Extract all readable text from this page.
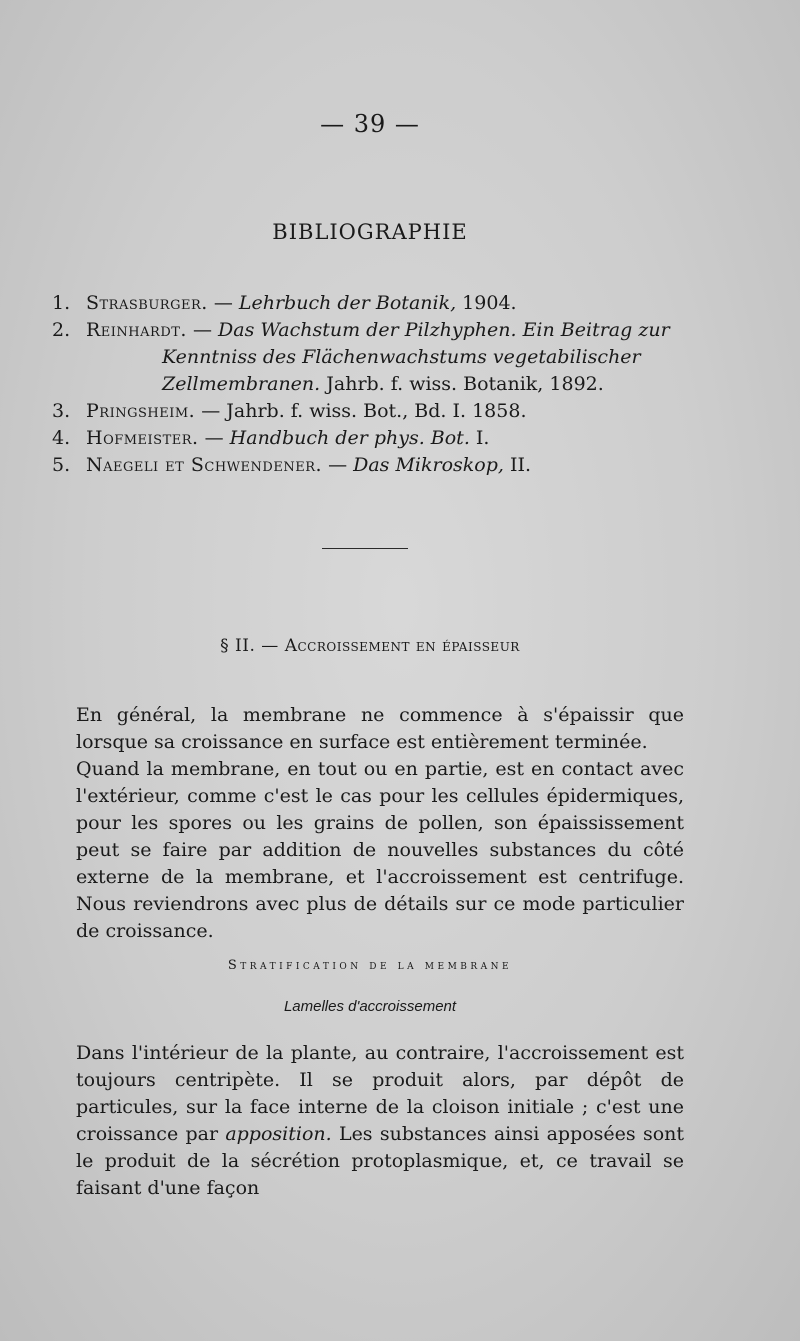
— 39 —
BIBLIOGRAPHIE

1. Strasburger. — Lehrbuch der Botanik, 1904.

2. Reinhardt. — Das Wachstum der Pilzhyphen. Ein Beitrag zur
Kenntniss des Flächenwachstums vegetabilischer Zellmembranen. Jahrb. f. wiss. Botanik, 1892.

3. Pringsheim. — Jahrb. f. wiss. Bot., Bd. I. 1858.

4. Hofmeister. — Handbuch der phys. Bot. I.

5. Naegeli et Schwendener. — Das Mikroskop, II.

§ II. — Accroissement en épaisseur

En général, la membrane ne commence à s'épaissir que lorsque sa croissance en surface est entièrement terminée.

Quand la membrane, en tout ou en partie, est en contact avec l'extérieur, comme c'est le cas pour les cellules épidermiques, pour les spores ou les grains de pollen, son épaississement peut se faire par addition de nouvelles substances du côté externe de la membrane, et l'accroissement est centrifuge. Nous reviendrons avec plus de détails sur ce mode particulier de croissance.

Stratification de la membrane
Lamelles d'accroissement

Dans l'intérieur de la plante, au contraire, l'accroissement est toujours centripète. Il se produit alors, par dépôt de particules, sur la face interne de la cloison initiale ; c'est une croissance par apposition. Les substances ainsi apposées sont le produit de la sécrétion protoplasmique, et, ce travail se faisant d'une façon
